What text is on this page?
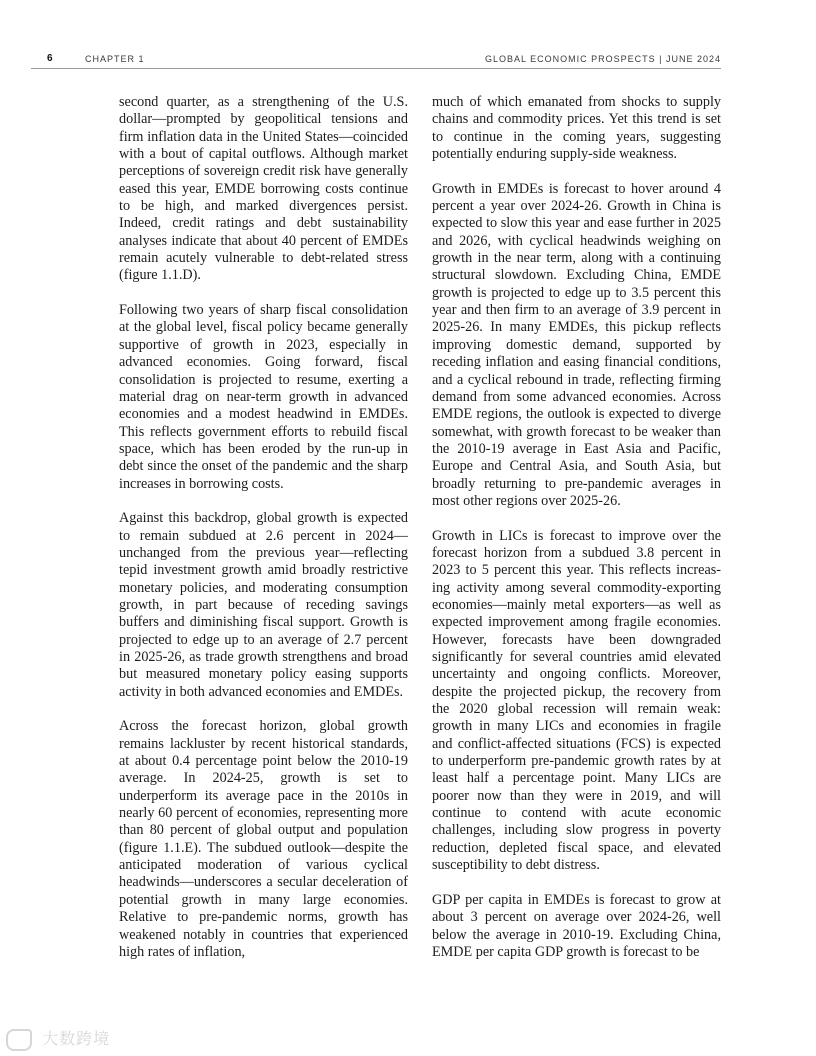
6	CHAPTER 1	GLOBAL ECONOMIC PROSPECTS | JUNE 2024

second quarter, as a strengthening of the U.S. dollar—prompted by geopolitical tensions and firm inflation data in the United States—coincided with a bout of capital outflows. Although market perceptions of sovereign credit risk have generally eased this year, EMDE borrowing costs continue to be high, and marked divergences persist. Indeed, credit ratings and debt sustainability analyses indicate that about 40 percent of EMDEs remain acutely vulnerable to debt-related stress (figure 1.1.D).

Following two years of sharp fiscal consolidation at the global level, fiscal policy became generally supportive of growth in 2023, especially in advanced economies. Going forward, fiscal consolidation is projected to resume, exerting a material drag on near-term growth in advanced economies and a modest headwind in EMDEs. This reflects government efforts to rebuild fiscal space, which has been eroded by the run-up in debt since the onset of the pandemic and the sharp increases in borrowing costs.

Against this backdrop, global growth is expected to remain subdued at 2.6 percent in 2024—unchanged from the previous year—reflecting tepid investment growth amid broadly restrictive monetary policies, and moderating consumption growth, in part because of receding savings buffers and diminishing fiscal support. Growth is projected to edge up to an average of 2.7 percent in 2025-26, as trade growth strengthens and broad but measured monetary policy easing supports activity in both advanced economies and EMDEs.

Across the forecast horizon, global growth remains lackluster by recent historical standards, at about 0.4 percentage point below the 2010-19 average. In 2024-25, growth is set to underperform its average pace in the 2010s in nearly 60 percent of economies, representing more than 80 percent of global output and population (figure 1.1.E). The subdued outlook—despite the anticipated moderation of various cyclical headwinds—underscores a secular deceleration of potential growth in many large economies. Relative to pre-pandemic norms, growth has weakened notably in countries that experienced high rates of inflation,

much of which emanated from shocks to supply chains and commodity prices. Yet this trend is set to continue in the coming years, suggesting potentially enduring supply-side weakness.

Growth in EMDEs is forecast to hover around 4 percent a year over 2024-26. Growth in China is expected to slow this year and ease further in 2025 and 2026, with cyclical headwinds weighing on growth in the near term, along with a continuing structural slowdown. Excluding China, EMDE growth is projected to edge up to 3.5 percent this year and then firm to an average of 3.9 percent in 2025-26. In many EMDEs, this pickup reflects improving domestic demand, supported by receding inflation and easing financial conditions, and a cyclical rebound in trade, reflecting firming demand from some advanced economies. Across EMDE regions, the outlook is expected to diverge somewhat, with growth forecast to be weaker than the 2010-19 average in East Asia and Pacific, Europe and Central Asia, and South Asia, but broadly returning to pre-pandemic averages in most other regions over 2025-26.

Growth in LICs is forecast to improve over the forecast horizon from a subdued 3.8 percent in 2023 to 5 percent this year. This reflects increasing activity among several commodity-exporting economies—mainly metal exporters—as well as expected improvement among fragile economies. However, forecasts have been downgraded significantly for several countries amid elevated uncertainty and ongoing conflicts. Moreover, despite the projected pickup, the recovery from the 2020 global recession will remain weak: growth in many LICs and economies in fragile and conflict-affected situations (FCS) is expected to underperform pre-pandemic growth rates by at least half a percentage point. Many LICs are poorer now than they were in 2019, and will continue to contend with acute economic challenges, including slow progress in poverty reduction, depleted fiscal space, and elevated susceptibility to debt distress.

GDP per capita in EMDEs is forecast to grow at about 3 percent on average over 2024-26, well below the average in 2010-19. Excluding China, EMDE per capita GDP growth is forecast to be

大数跨境
